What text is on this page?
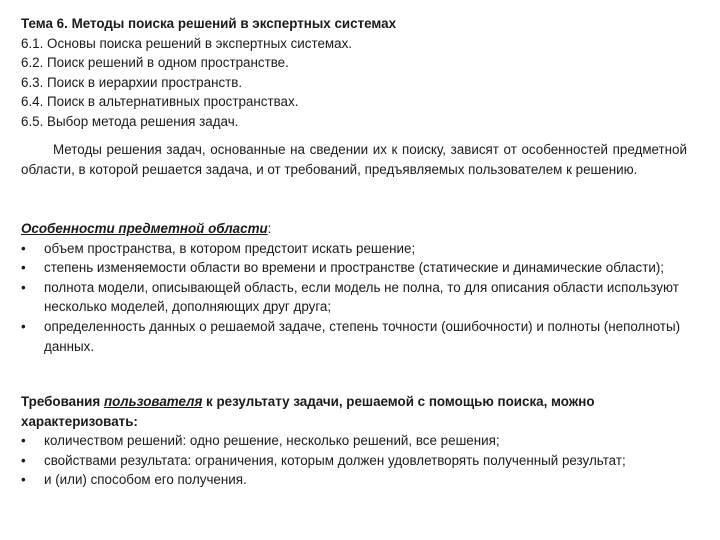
Тема 6. Методы поиска решений в экспертных системах
6.1. Основы поиска решений в экспертных системах.
6.2. Поиск решений в одном пространстве.
6.3. Поиск в иерархии пространств.
6.4. Поиск в альтернативных пространствах.
6.5. Выбор метода решения задач.

Методы решения задач, основанные на сведении их к поиску, зависят от особенностей предметной области, в которой решается задача, и от требований, предъявляемых пользователем к решению.

Особенности предметной области:

•	объем пространства, в котором предстоит искать решение;
•	степень изменяемости области во времени и пространстве (статические и динамические области);
•	полнота модели, описывающей область, если модель не полна, то для описания области используют несколько моделей, дополняющих друг друга;
•	определенность данных о решаемой задаче, степень точности (ошибочности) и полноты (неполноты) данных.

Требования пользователя к результату задачи, решаемой с помощью поиска, можно характеризовать:

•	количеством решений: одно решение, несколько решений, все решения;
•	свойствами результата: ограничения, которым должен удовлетворять полученный результат;
•	и (или) способом его получения.
